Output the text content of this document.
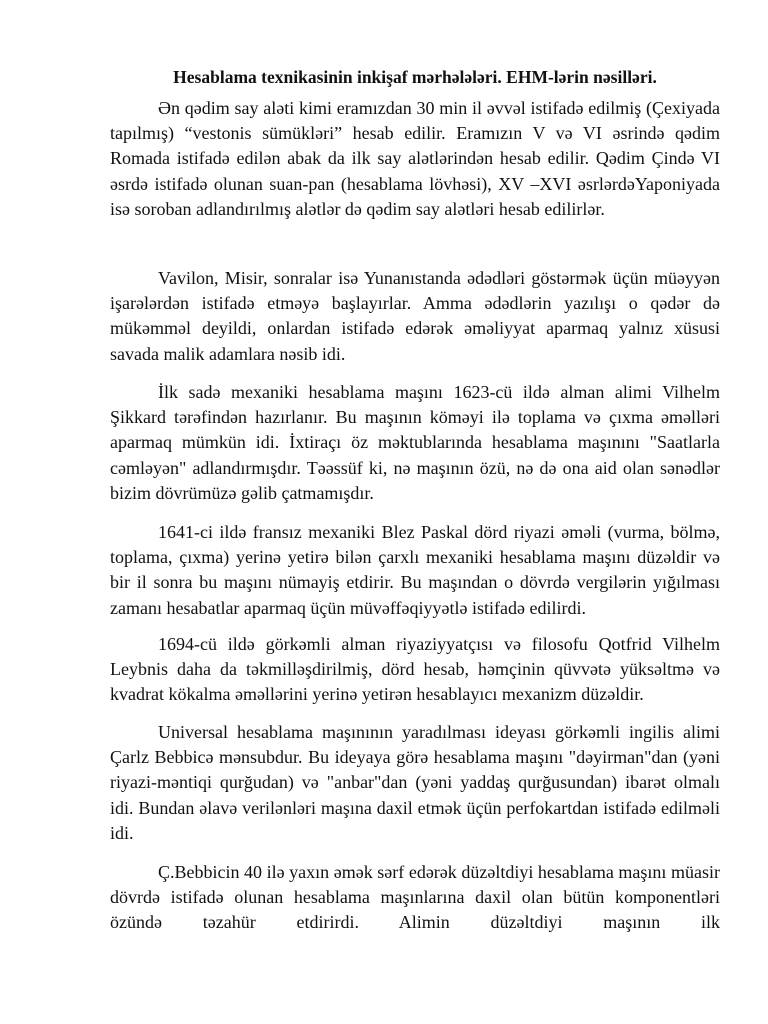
Hesablama texnikasinin inkişaf mərhələləri. EHM-lərin nəsilləri.

Ən qədim say aləti kimi eramızdan 30 min il əvvəl istifadə edilmiş (Çexiyada tapılmış) “vestonis sümükləri” hesab edilir. Eramızın V və VI əsrində qədim Romada istifadə edilən abak da ilk say alətlərindən hesab edilir. Qədim Çində VI əsrdə istifadə olunan suan-pan (hesablama lövhəsi), XV –XVI əsrlərdəYaponiyada isə soroban adlandırılmış alətlər də qədim say alətləri hesab edilirlər.

Vavilon, Misir, sonralar isə Yunanıstanda ədədləri göstərmək üçün müəyyən işarələrdən istifadə etməyə başlayırlar. Amma ədədlərin yazılışı o qədər də mükəmməl deyildi, onlardan istifadə edərək əməliyyat aparmaq yalnız xüsusi savada malik adamlara nəsib idi.

İlk sadə mexaniki hesablama maşını 1623-cü ildə alman alimi Vilhelm Şikkard tərəfindən hazırlanır. Bu maşının köməyi ilə toplama və çıxma əməlləri aparmaq mümkün idi. İxtiraçı öz məktublarında hesablama maşınını "Saatlarla cəmləyən" adlandırmışdır. Təəssüf ki, nə maşının özü, nə də ona aid olan sənədlər bizim dövrümüzə gəlib çatmamışdır.

1641-ci ildə fransız mexaniki Blez Paskal dörd riyazi əməli (vurma, bölmə, toplama, çıxma) yerinə yetirə bilən çarxlı mexaniki hesablama maşını düzəldir və bir il sonra bu maşını nümayiş etdirir. Bu maşından o dövrdə vergilərin yığılması zamanı hesabatlar aparmaq üçün müvəffəqiyyətlə istifadə edilirdi.

1694-cü ildə görkəmli alman riyaziyyatçısı və filosofu Qotfrid Vilhelm Leybnis daha da təkmilləşdirilmiş, dörd hesab, həmçinin qüvvətə yüksəltmə və kvadrat kökalma əməllərini yerinə yetirən hesablayıcı mexanizm düzəldir.

Universal hesablama maşınının yaradılması ideyası görkəmli ingilis alimi Çarlz Bebbicə mənsubdur. Bu ideyaya görə hesablama maşını "dəyirman"dan (yəni riyazi-məntiqi qurğudan) və "anbar"dan (yəni yaddaş qurğusundan) ibarət olmalı idi. Bundan əlavə verilənləri maşına daxil etmək üçün perfokartdan istifadə edilməli idi.

Ç.Bebbicin 40 ilə yaxın əmək sərf edərək düzəltdiyi hesablama maşını müasir dövrdə istifadə olunan hesablama maşınlarına daxil olan bütün komponentləri özündə təzahür etdirirdi. Alimin düzəltdiyi maşının ilk
